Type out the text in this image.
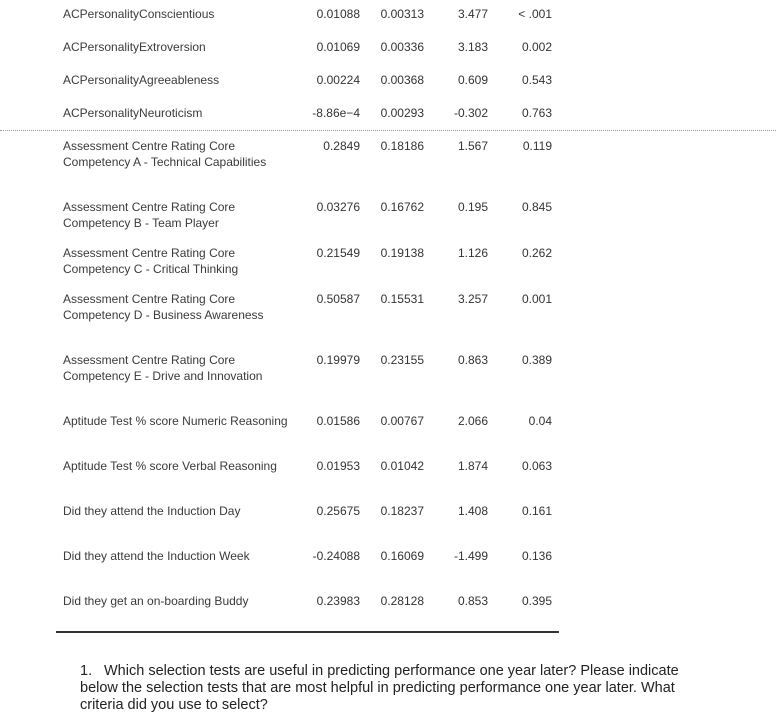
ACPersonalityConscientious	0.01088 0.00313	3.477	< .001
ACPersonalityExtroversion	0.01069 0.00336	3.183	0.002
ACPersonalityAgreeableness	0.00224 0.00368	0.609	0.543
ACPersonalityNeuroticism	-8.86e−4 0.00293 -0.302	0.763
Assessment Centre Rating Core Competency A - Technical Capabilities
0.2849 0.18186	1.567	0.119
Assessment Centre Rating Core Competency B - Team Player
0.03276 0.16762	0.195	0.845
Assessment Centre Rating Core Competency C - Critical Thinking
0.21549 0.19138	1.126	0.262
Assessment Centre Rating Core Competency D - Business Awareness
0.50587 0.15531	3.257	0.001
Assessment Centre Rating Core Competency E - Drive and Innovation
0.19979 0.23155	0.863	0.389
Aptitude Test % score Numeric Reasoning	0.01586 0.00767	2.066	0.04
Aptitude Test % score Verbal Reasoning	0.01953 0.01042	1.874	0.063
Did they attend the Induction Day	0.25675 0.18237	1.408	0.161
Did they attend the Induction Week	-0.24088 0.16069 -1.499	0.136
Did they get an on-boarding Buddy	0.23983 0.28128	0.853	0.395
1. Which selection tests are useful in predicting performance one year later? Please indicate below the selection tests that are most helpful in predicting performance one year later. What criteria did you use to select?
